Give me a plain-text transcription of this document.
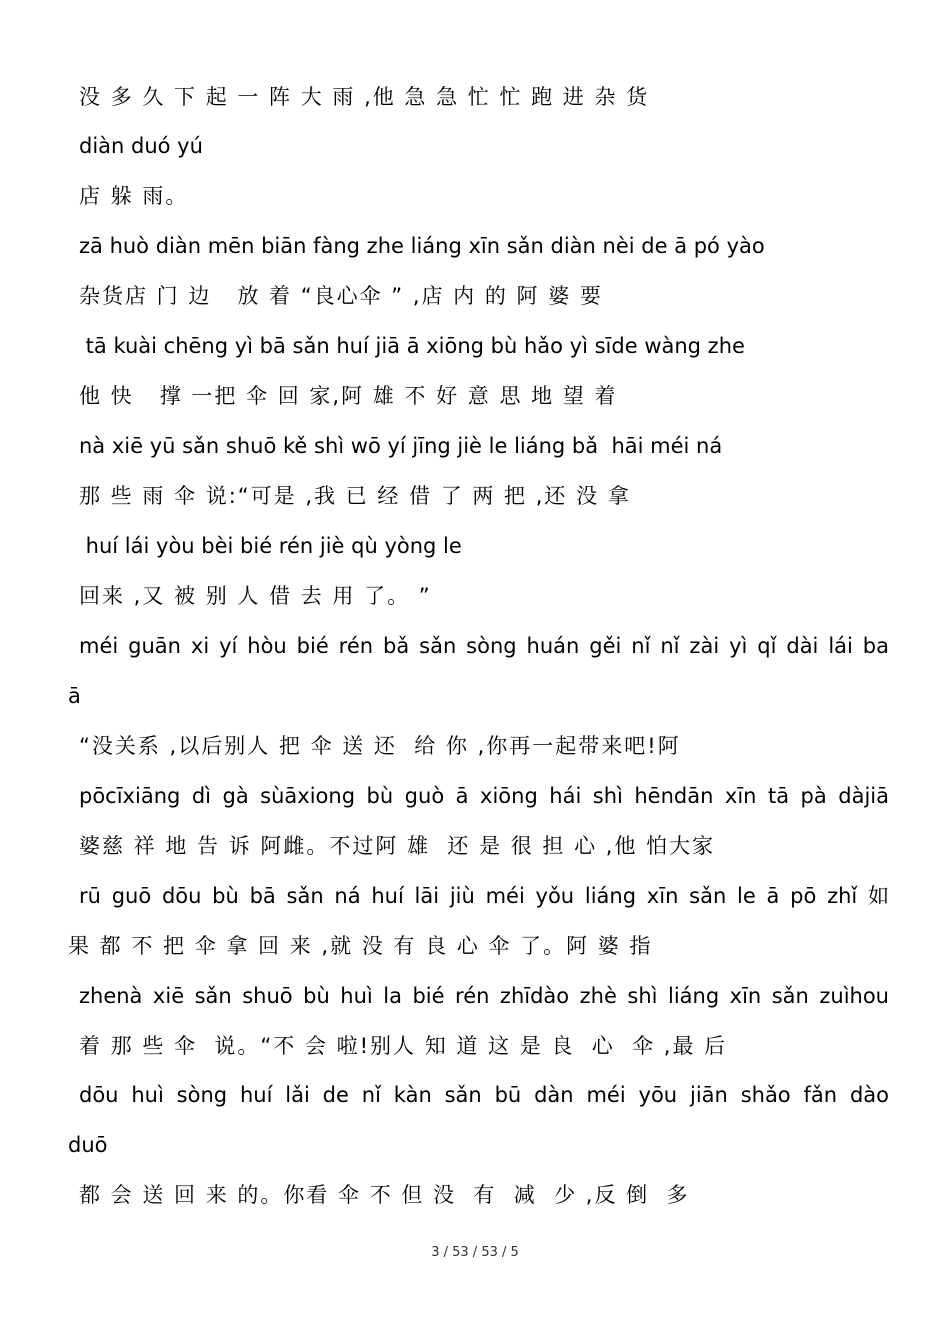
没 多 久 下 起 一 阵 大 雨 ,他 急 急 忙 忙 跑 进 杂 货
diàn duó yú
店 躲 雨。
zā huò diàn mēn biān fàng zhe liáng xīn sǎn diàn nèi de ā pó yào
杂货店 门 边   放 着 “良心伞 ” ,店 内 的 阿 婆 要
tā kuài chēng yì bā sǎn huí jiā ā xiōng bù hǎo yì sīde wàng zhe
他 快   撑 一把 伞 回 家,阿 雄 不 好 意 思 地 望 着
nà xiē yū sǎn shuō kě shì wō yí jīng jiè le liáng bǎ  hāi méi ná
那 些 雨 伞 说:“可是 ,我 已 经 借 了 两 把 ,还 没 拿
huí lái yòu bèi bié rén jiè qù yòng le
回来 ,又 被 别 人 借 去 用 了。 ”
méi guān xi yí hòu bié rén bǎ sǎn sòng huán gěi nǐ nǐ zài yì qǐ dài lái ba
ā
“没关系 ,以后别人 把 伞 送 还  给 你 ,你再一起带来吧!阿
pōcīxiāng dì gà sùāxiong bù guò ā xiōng hái shì hēndān xīn tā pà dàjiā
婆慈 祥 地 告 诉 阿雌。不过阿 雄  还 是 很 担 心 ,他 怕大家
rū guō dōu bù bā sǎn ná huí lāi jiù méi yǒu liáng xīn sǎn le ā pō zhǐ 如
果 都 不 把 伞 拿 回 来 ,就 没 有 良 心 伞 了。阿 婆 指
zhenà xiē sǎn shuō bù huì la bié rén zhīdào zhè shì liáng xīn sǎn zuìhou
着 那 些 伞  说。“不 会 啦!别人 知 道 这 是 良  心  伞 ,最 后
dōu huì sòng huí lǎi de nǐ kàn sǎn bū dàn méi yōu jiān shǎo fǎn dào
duō
都 会 送 回 来 的。你看 伞 不 但 没  有  减  少 ,反 倒  多
3 / 53 / 53 / 5
